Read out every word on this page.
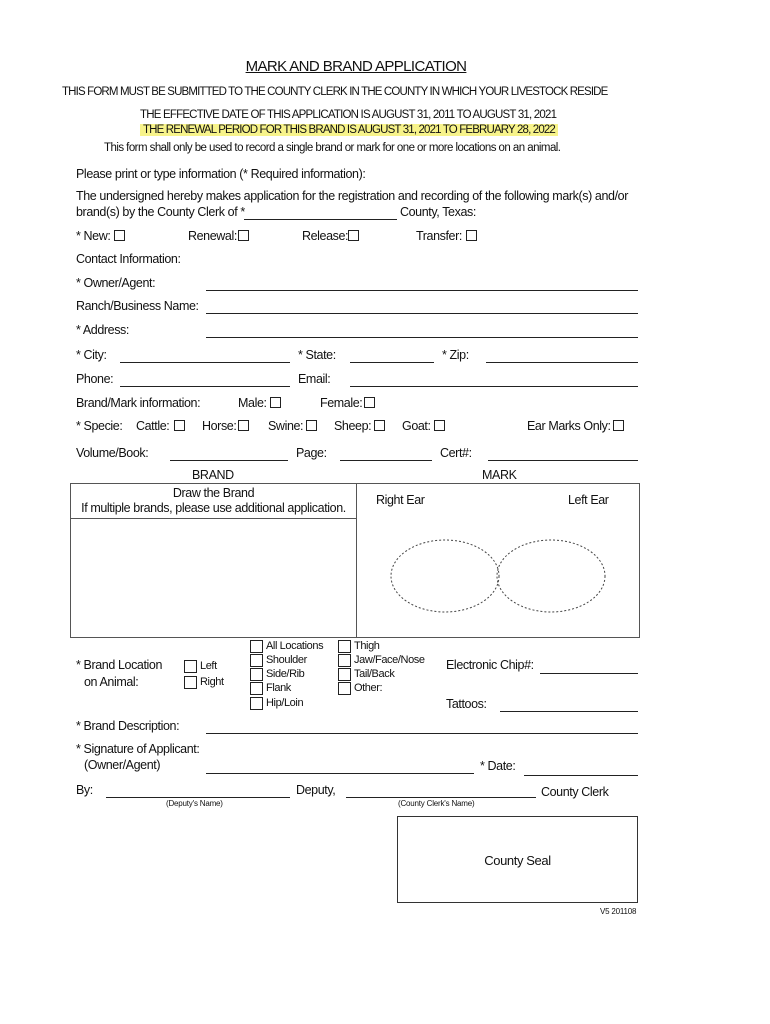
MARK AND BRAND APPLICATION
THIS FORM MUST BE SUBMITTED TO THE COUNTY CLERK IN THE COUNTY IN WHICH YOUR LIVESTOCK RESIDE
THE EFFECTIVE DATE OF THIS APPLICATION IS AUGUST 31, 2011 TO AUGUST 31, 2021
THE RENEWAL PERIOD FOR THIS BRAND IS AUGUST 31, 2021 TO FEBRUARY 28, 2022
This form shall only be used to record a single brand or mark for one or more locations on an animal.
Please print or type information (* Required information):
The undersigned hereby makes application for the registration and recording of the following mark(s) and/or
brand(s) by the County Clerk of *	County, Texas:
* New:	Renewal:	Release:	Transfer:
Contact Information:
* Owner/Agent:
Ranch/Business Name:
* Address:
* City:	* State:	* Zip:
Phone:	Email:
Brand/Mark information:	Male:	Female:
* Specie: Cattle:	Horse:	Swine: Sheep: Goat:	Ear Marks Only:
Volume/Book:	Page:	Cert#:
BRAND	MARK
Draw the Brand
If multiple brands, please use additional application.
Right Ear	Left Ear
* Brand Location
on Animal:
Left
Right
All Locations
Shoulder
Side/Rib
Flank
Hip/Loin
Thigh
Jaw/Face/Nose
Tail/Back
Other:
Electronic Chip#:
Tattoos:
* Brand Description:
* Signature of Applicant:
(Owner/Agent)	* Date:
By:	Deputy,	County Clerk
(Deputy's Name)	(County Clerk's Name)
County Seal
V5 201108
